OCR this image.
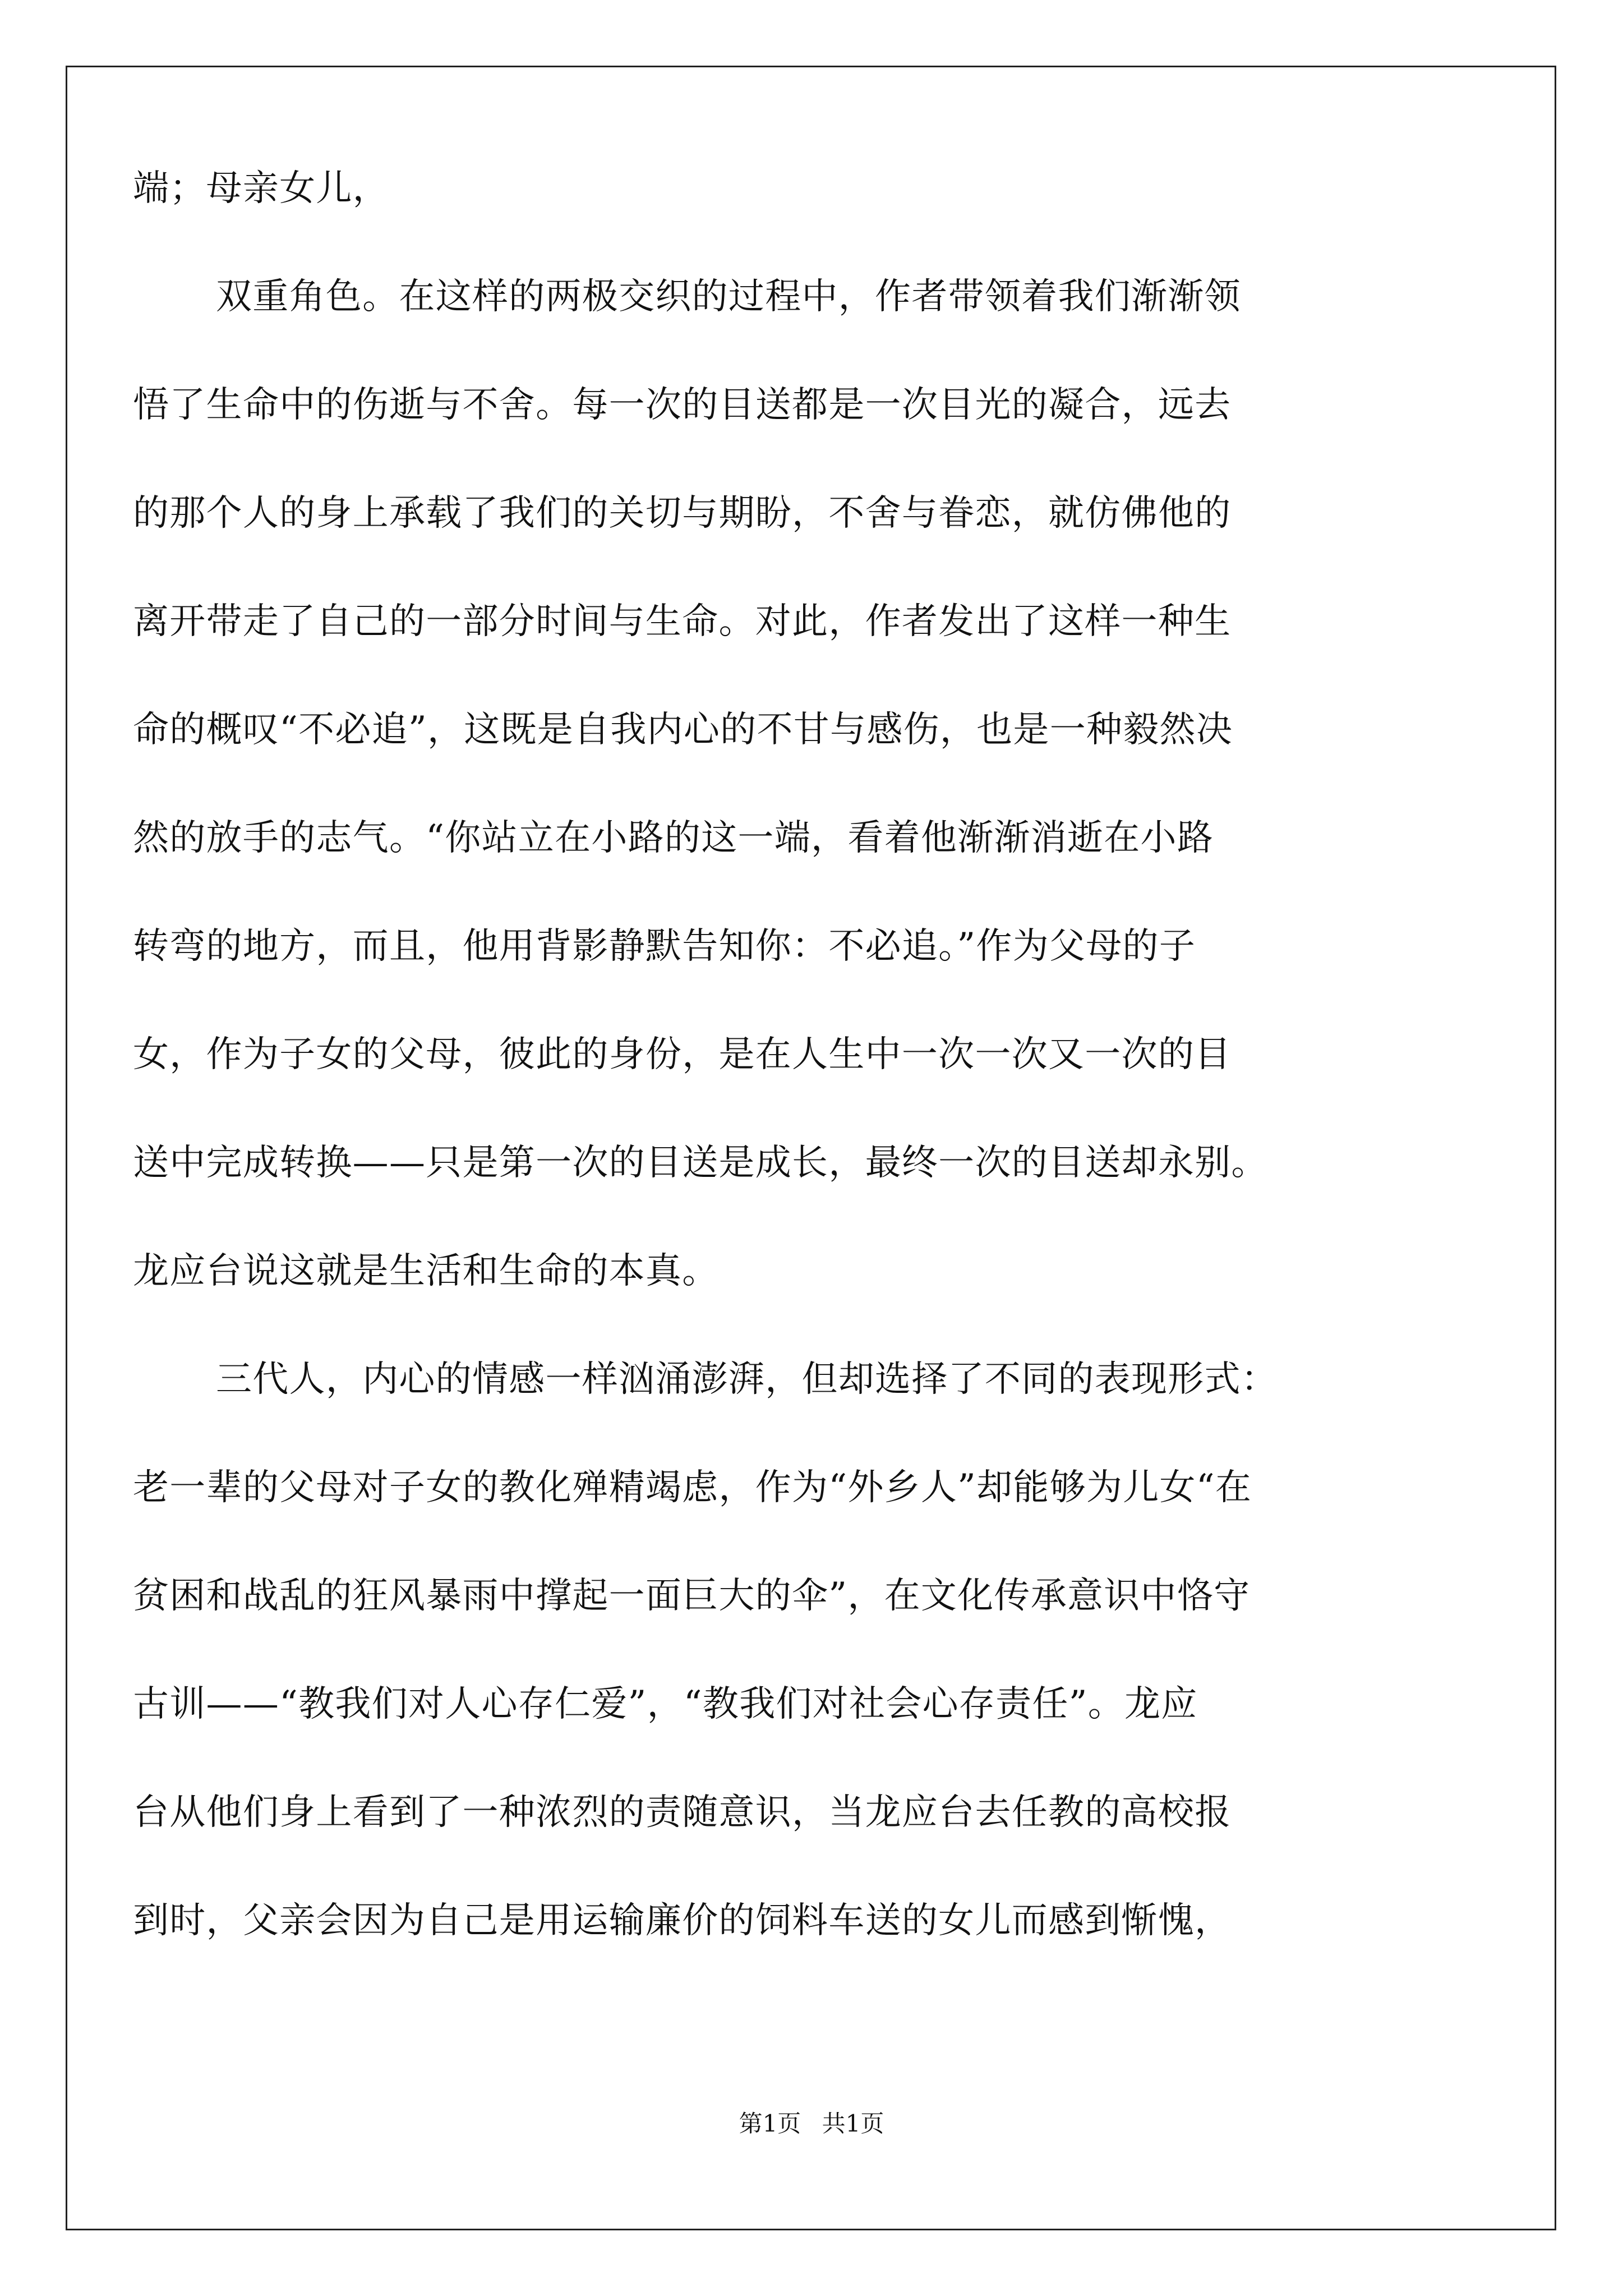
端；母亲女儿，
双重角色。在这样的两极交织的过程中，作者带领着我们渐渐领
悟了生命中的伤逝与不舍。每一次的目送都是一次目光的凝合，远去
的那个人的身上承载了我们的关切与期盼，不舍与眷恋，就仿佛他的
离开带走了自己的一部分时间与生命。对此，作者发出了这样一种生
命的概叹“不必追”，这既是自我内心的不甘与感伤，也是一种毅然决
然的放手的志气。“你站立在小路的这一端，看着他渐渐消逝在小路
转弯的地方，而且，他用背影静默告知你：不必追。”作为父母的子
女，作为子女的父母，彼此的身份，是在人生中一次一次又一次的目
送中完成转换——只是第一次的目送是成长，最终一次的目送却永别。
龙应台说这就是生活和生命的本真。
三代人，内心的情感一样汹涌澎湃，但却选择了不同的表现形式：
老一辈的父母对子女的教化殚精竭虑，作为“外乡人”却能够为儿女“在
贫困和战乱的狂风暴雨中撑起一面巨大的伞”，在文化传承意识中恪守
古训——“教我们对人心存仁爱”，“教我们对社会心存责任”。龙应
台从他们身上看到了一种浓烈的责随意识，当龙应台去任教的高校报
到时，父亲会因为自己是用运输廉价的饲料车送的女儿而感到惭愧，
第1页 共1页
